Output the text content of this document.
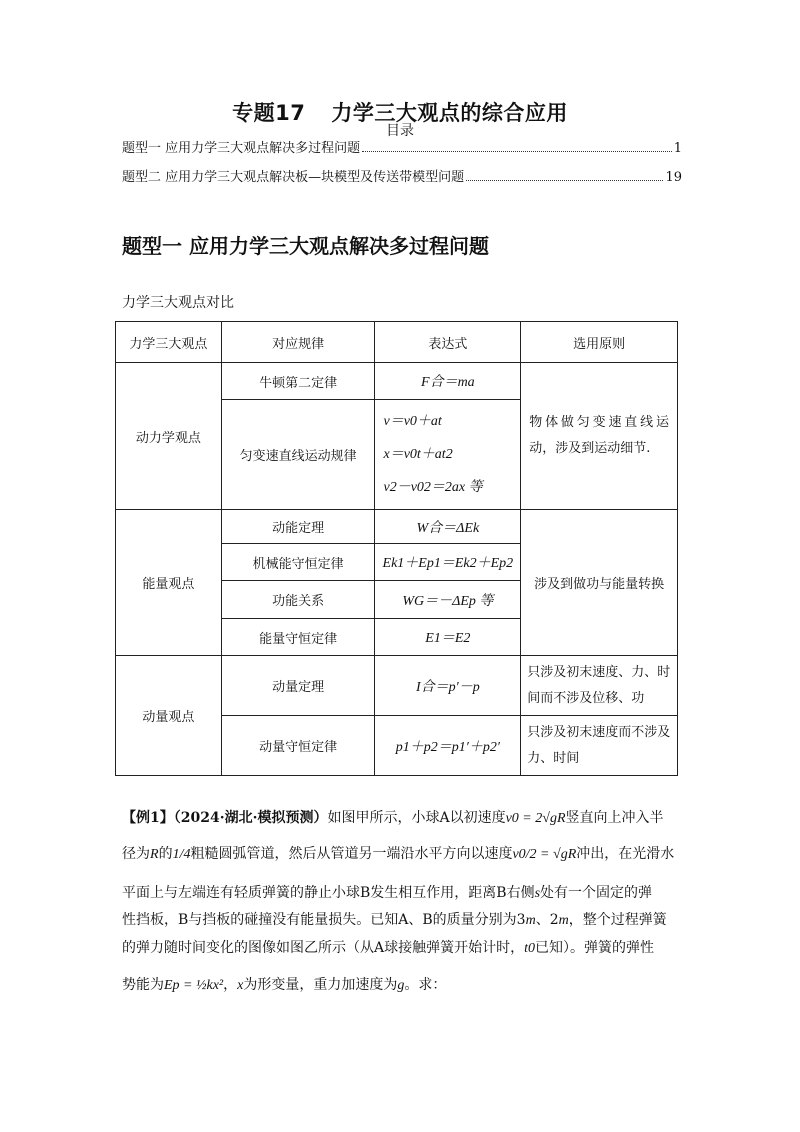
专题17 力学三大观点的综合应用
目录
题型一 应用力学三大观点解决多过程问题	1
题型二 应用力学三大观点解决板—块模型及传送带模型问题	19
题型一 应用力学三大观点解决多过程问题
力学三大观点对比
力学三大观点	对应规律	表达式	选用原则
动力学观点	牛顿第二定律	F合＝ma	物体做匀变速直线运动，涉及到运动细节.
	匀变速直线运动规律	v＝v0＋at
x＝v0t＋at2
v2－v02＝2ax 等	

能量观点	动能定理	W合＝ΔEk	涉及到做功与能量转换
	机械能守恒定律	Ek1＋Ep1＝Ek2＋Ep2	
	功能关系	WG＝－ΔEp 等	
	能量守恒定律	E1＝E2	
动量观点	动量定理	I合＝p′－p	只涉及初末速度、力、时间而不涉及位移、功
	动量守恒定律	p1＋p2＝p1′＋p2′	只涉及初末速度而不涉及力、时间
【例1】（2024·湖北·模拟预测）如图甲所示，小球A以初速度v0 = 2√gR竖直向上冲入半
径为R的1/4粗糙圆弧管道，然后从管道另一端沿水平方向以速度v0/2 = √gR冲出，在光滑水
平面上与左端连有轻质弹簧的静止小球B发生相互作用，距离B右侧s处有一个固定的弹
性挡板，B与挡板的碰撞没有能量损失。已知A、B的质量分别为3m、2m，整个过程弹簧
的弹力随时间变化的图像如图乙所示（从A球接触弹簧开始计时，t0已知）。弹簧的弹性
势能为Ep = ½kx²，x为形变量，重力加速度为g。求：
